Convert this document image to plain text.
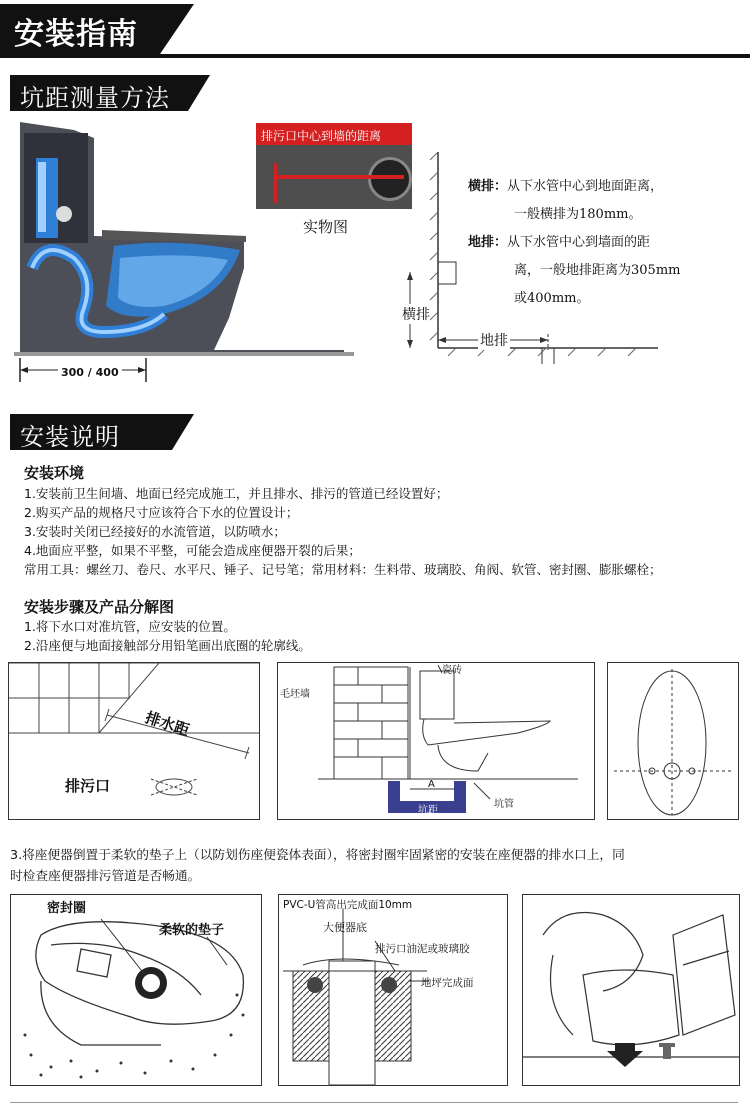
安装指南
坑距测量方法
300 / 400
排污口中心到墙的距离
实物图
横排
地排
横排：从下水管中心到地面距离，
一般横排为180mm。
地排：从下水管中心到墙面的距
离，一般地排距离为305mm
或400mm。
安装说明
安装环境
1.安装前卫生间墙、地面已经完成施工，并且排水、排污的管道已经设置好；
2.购买产品的规格尺寸应该符合下水的位置设计；
3.安装时关闭已经接好的水流管道，以防喷水；
4.地面应平整，如果不平整，可能会造成座便器开裂的后果；
常用工具：螺丝刀、卷尺、水平尺、锤子、记号笔；常用材料：生料带、玻璃胶、角阀、软管、密封圈、膨胀螺栓；
安装步骤及产品分解图
1.将下水口对准坑管，应安装的位置。
2.沿座便与地面接触部分用铅笔画出底圈的轮廓线。
排水距
排污口
毛坯墙
瓷砖
A
坑距
坑管
3.将座便器倒置于柔软的垫子上（以防划伤座便瓷体表面），将密封圈牢固紧密的安装在座便器的排水口上，同
时检查座便器排污管道是否畅通。
密封圈
柔软的垫子
PVC-U管高出完成面10mm
大便器底
排污口油泥或玻璃胶
地坪完成面
